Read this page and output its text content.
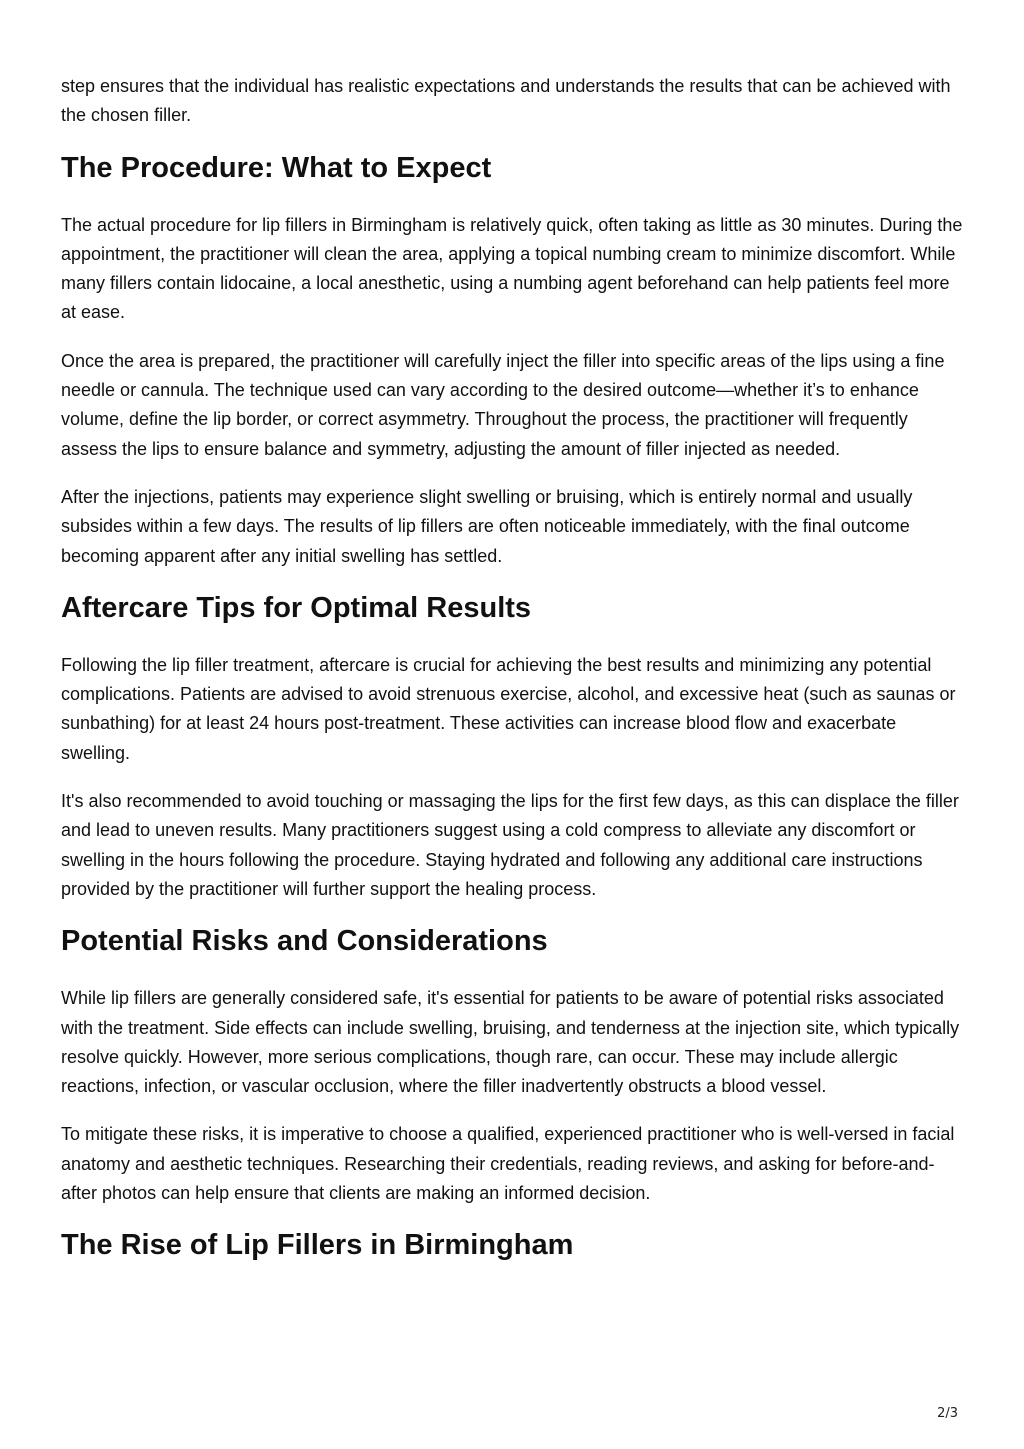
step ensures that the individual has realistic expectations and understands the results that can be achieved with the chosen filler.

The Procedure: What to Expect

The actual procedure for lip fillers in Birmingham is relatively quick, often taking as little as 30 minutes. During the appointment, the practitioner will clean the area, applying a topical numbing cream to minimize discomfort. While many fillers contain lidocaine, a local anesthetic, using a numbing agent beforehand can help patients feel more at ease.

Once the area is prepared, the practitioner will carefully inject the filler into specific areas of the lips using a fine needle or cannula. The technique used can vary according to the desired outcome—whether it’s to enhance volume, define the lip border, or correct asymmetry. Throughout the process, the practitioner will frequently assess the lips to ensure balance and symmetry, adjusting the amount of filler injected as needed.

After the injections, patients may experience slight swelling or bruising, which is entirely normal and usually subsides within a few days. The results of lip fillers are often noticeable immediately, with the final outcome becoming apparent after any initial swelling has settled.

Aftercare Tips for Optimal Results

Following the lip filler treatment, aftercare is crucial for achieving the best results and minimizing any potential complications. Patients are advised to avoid strenuous exercise, alcohol, and excessive heat (such as saunas or sunbathing) for at least 24 hours post-treatment. These activities can increase blood flow and exacerbate swelling.

It's also recommended to avoid touching or massaging the lips for the first few days, as this can displace the filler and lead to uneven results. Many practitioners suggest using a cold compress to alleviate any discomfort or swelling in the hours following the procedure. Staying hydrated and following any additional care instructions provided by the practitioner will further support the healing process.

Potential Risks and Considerations

While lip fillers are generally considered safe, it's essential for patients to be aware of potential risks associated with the treatment. Side effects can include swelling, bruising, and tenderness at the injection site, which typically resolve quickly. However, more serious complications, though rare, can occur. These may include allergic reactions, infection, or vascular occlusion, where the filler inadvertently obstructs a blood vessel.

To mitigate these risks, it is imperative to choose a qualified, experienced practitioner who is well-versed in facial anatomy and aesthetic techniques. Researching their credentials, reading reviews, and asking for before-and-after photos can help ensure that clients are making an informed decision.

The Rise of Lip Fillers in Birmingham
2/3
